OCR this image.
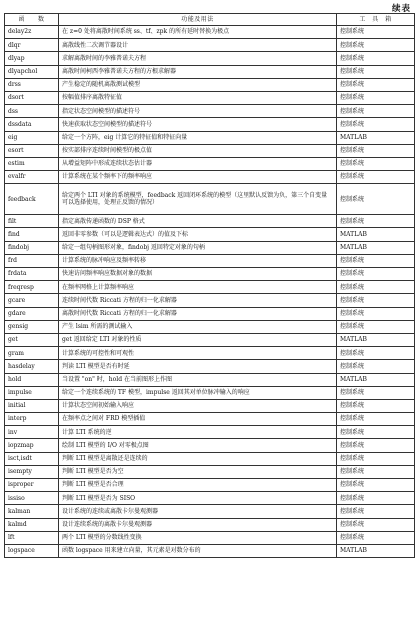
续表
函　　数	功能及用法	工　具　箱
delay2z	在 z=0 处将离散时间系统 ss、tf、zpk 的所有延时替换为极点	控制系统
dlqr	离散线性二次调节器设计	控制系统
dlyap	求解离散时间的李雅普诺夫方程	控制系统
dlyapchol	离散时间柯西李雅普诺夫方程的方根求解器	控制系统
drss	产生稳定的随机离散测试模型	控制系统
dsort	按幅值排序离散特征值	控制系统
dss	指定状态空间模型的描述符号	控制系统
dssdata	快速获取状态空间模型的描述符号	控制系统
eig	给定一个方阵，eig 计算它的特征值和特征向量	MATLAB
esort	按实部排序连续时间模型的极点值	控制系统
estim	从增益矩阵中形成连续状态估计器	控制系统
evalfr	计算系统在某个频率下的频率响应	控制系统
feedback	给定两个 LTI 对象的系统模型，feedback 返回闭环系统的模型（这里默认反馈为负，第三个自变量可以选择使用，处理正反馈的情况）	控制系统
filt	指定离散传递函数的 DSP 格式	控制系统
find	返回非零参数（可以是逻辑表达式）的值及下标	MATLAB
findobj	给定一组句柄图形对象，findobj 返回特定对象的句柄	MATLAB
frd	计算系统的脉冲响应及频率转移	控制系统
frdata	快速访问频率响应数据对象的数据	控制系统
freqresp	在频率网格上计算频率响应	控制系统
gcare	连续时间代数 Riccati 方程的归一化求解器	控制系统
gdare	离散时间代数 Riccati 方程的归一化求解器	控制系统
gensig	产生 lsim 所需的测试输入	控制系统
get	get 返回给定 LTI 对象的性质	MATLAB
gram	计算系统的可控性和可观性	控制系统
hasdelay	判读 LTI 模型是否有时延	控制系统
hold	当设置 "on" 时，hold 在当前图形上作图	MATLAB
impulse	给定一个连续系统的 TF 模型，impulse 返回其对单位脉冲输入的响应	控制系统
initial	计算状态空间初始输入响应	控制系统
interp	在频率点之间对 FRD 模型插值	控制系统
inv	计算 LTI 系统的逆	控制系统
iopzmap	绘制 LTI 模型的 I/O 对零极点图	控制系统
isct,isdt	判断 LTI 模型是离散还是连续的	控制系统
isempty	判断 LTI 模型是否为空	控制系统
isproper	判断 LTI 模型是否合理	控制系统
issiso	判断 LTI 模型是否为 SISO	控制系统
kalman	设计系统的连续或离散卡尔曼观测器	控制系统
kalmd	设计连续系统的离散卡尔曼观测器	控制系统
lft	两个 LTI 模型的分数线性变换	控制系统
logspace	函数 logspace 用来建立向量，其元素是对数分布的	MATLAB
